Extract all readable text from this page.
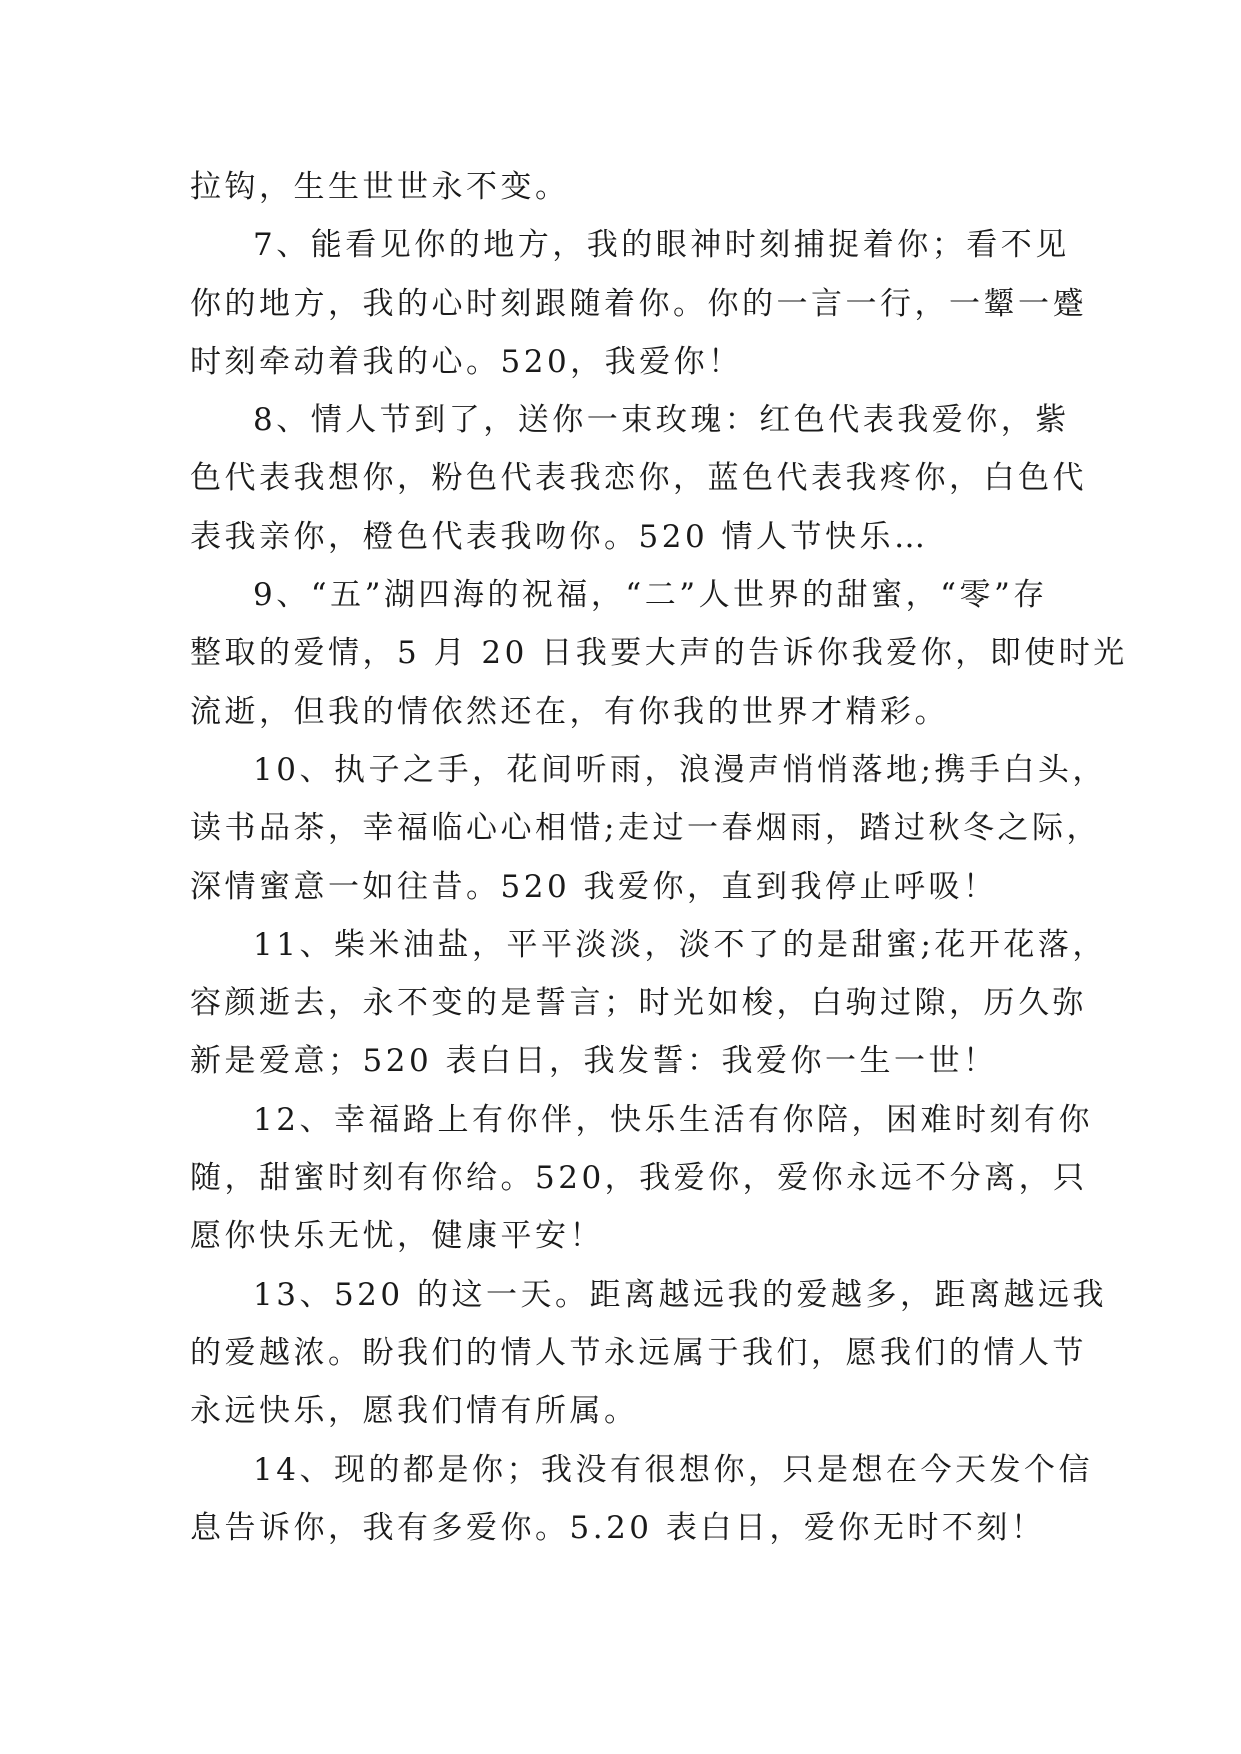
拉钩，生生世世永不变。
7、能看见你的地方，我的眼神时刻捕捉着你；看不见
你的地方，我的心时刻跟随着你。你的一言一行，一颦一蹙
时刻牵动着我的心。520，我爱你！
8、情人节到了，送你一束玫瑰：红色代表我爱你，紫
色代表我想你，粉色代表我恋你，蓝色代表我疼你，白色代
表我亲你，橙色代表我吻你。520 情人节快乐…
9、“五”湖四海的祝福，“二”人世界的甜蜜，“零”存
整取的爱情，5 月 20 日我要大声的告诉你我爱你，即使时光
流逝，但我的情依然还在，有你我的世界才精彩。
10、执子之手，花间听雨，浪漫声悄悄落地;携手白头，
读书品茶，幸福临心心相惜;走过一春烟雨，踏过秋冬之际，
深情蜜意一如往昔。520 我爱你，直到我停止呼吸！
11、柴米油盐，平平淡淡，淡不了的是甜蜜;花开花落，
容颜逝去，永不变的是誓言；时光如梭，白驹过隙，历久弥
新是爱意；520 表白日，我发誓：我爱你一生一世！
12、幸福路上有你伴，快乐生活有你陪，困难时刻有你
随，甜蜜时刻有你给。520，我爱你，爱你永远不分离，只
愿你快乐无忧，健康平安！
13、520 的这一天。距离越远我的爱越多，距离越远我
的爱越浓。盼我们的情人节永远属于我们，愿我们的情人节
永远快乐，愿我们情有所属。
14、现的都是你；我没有很想你，只是想在今天发个信
息告诉你，我有多爱你。5.20 表白日，爱你无时不刻！
